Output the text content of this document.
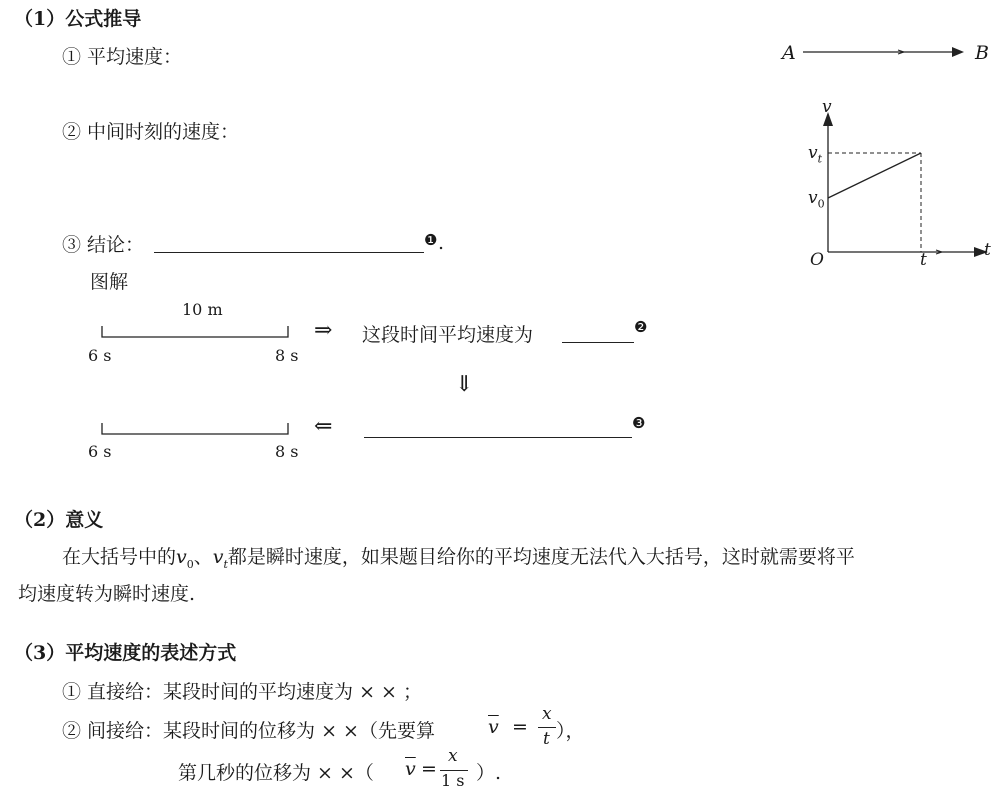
（1）公式推导
① 平均速度：
② 中间时刻的速度：
③ 结论：	❶ .
图解
10 m
6 s	8 s
⇒ 这段时间平均速度为	❷
⇓
6 s	8 s
⇐	❸
A	B
v
t
O
$v_t$
$v_0$
t
（2）意义
在大括号中的$v_0$、$v_t$都是瞬时速度，如果题目给你的平均速度无法代入大括号，这时就需要将平
均速度转为瞬时速度.
（3）平均速度的表述方式
① 直接给：某段时间的平均速度为 × × ；
② 间接给：某段时间的位移为 × ×（先要算	$\overline{v}$ =
x
t ），
第几秒的位移为 × ×（ $\overline{v}$ =
x
1 s ）.
